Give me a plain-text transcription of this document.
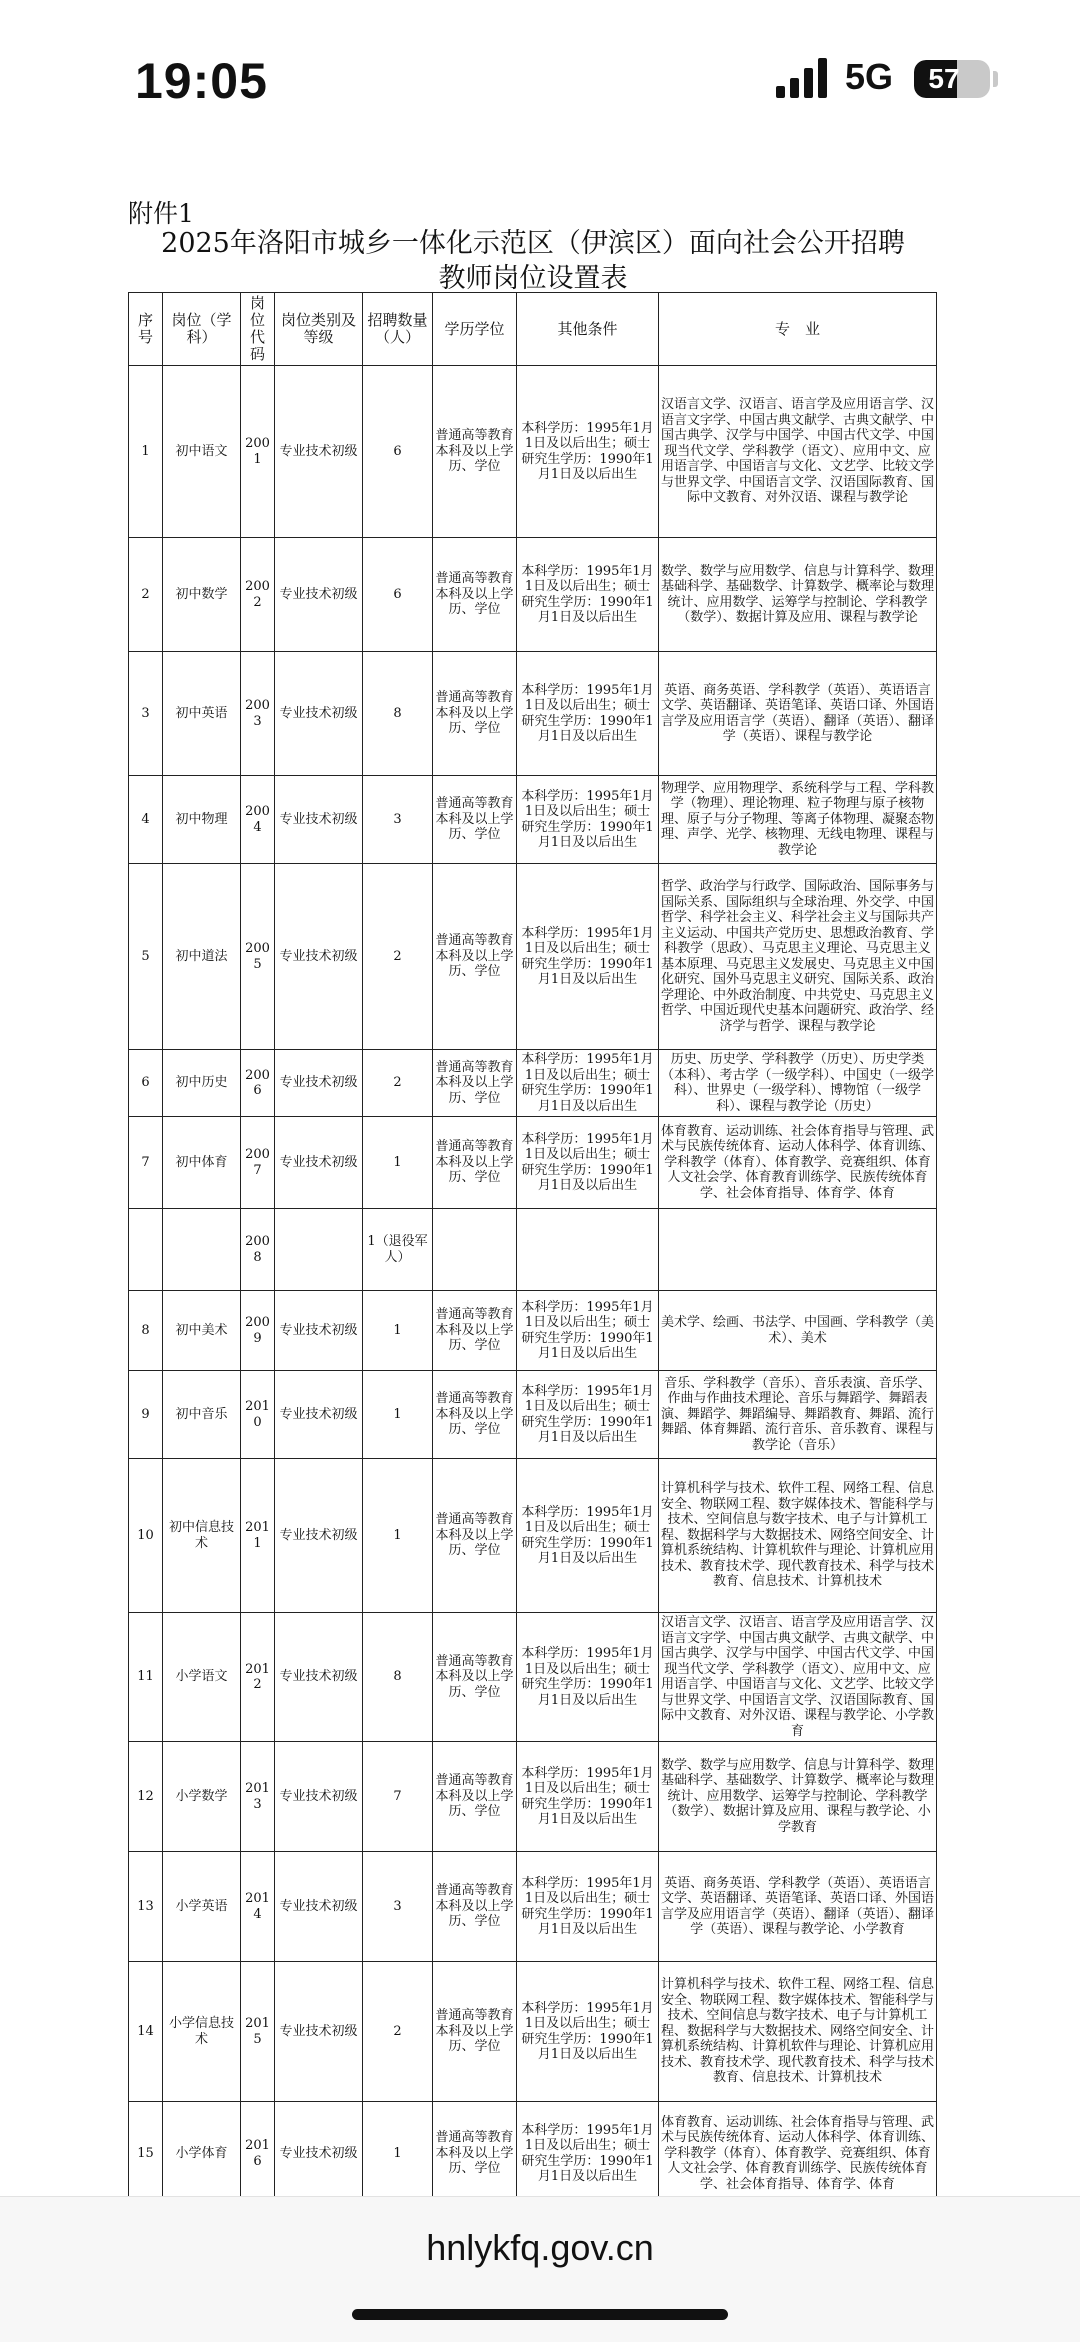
19:05	5G	57
附件1
2025年洛阳市城乡一体化示范区（伊滨区）面向社会公开招聘
教师岗位设置表
序号	岗位（学科）	岗位代码	岗位类别及等级	招聘数量（人）	学历学位	其他条件	专　业
1	初中语文	2001	专业技术初级	6	普通高等教育本科及以上学历、学位	本科学历：1995年1月1日及以后出生；硕士研究生学历：1990年1月1日及以后出生	汉语言文学、汉语言、语言学及应用语言学、汉语言文字学、中国古典文献学、古典文献学、中国古典学、汉学与中国学、中国古代文学、中国现当代文学、学科教学（语文）、应用中文、应用语言学、中国语言与文化、文艺学、比较文学与世界文学、中国语言文学、汉语国际教育、国际中文教育、对外汉语、课程与教学论
2	初中数学	2002	专业技术初级	6	普通高等教育本科及以上学历、学位	本科学历：1995年1月1日及以后出生；硕士研究生学历：1990年1月1日及以后出生	数学、数学与应用数学、信息与计算科学、数理基础科学、基础数学、计算数学、概率论与数理统计、应用数学、运筹学与控制论、学科教学（数学）、数据计算及应用、课程与教学论
3	初中英语	2003	专业技术初级	8	普通高等教育本科及以上学历、学位	本科学历：1995年1月1日及以后出生；硕士研究生学历：1990年1月1日及以后出生	英语、商务英语、学科教学（英语）、英语语言文学、英语翻译、英语笔译、英语口译、外国语言学及应用语言学（英语）、翻译（英语）、翻译学（英语）、课程与教学论
4	初中物理	2004	专业技术初级	3	普通高等教育本科及以上学历、学位	本科学历：1995年1月1日及以后出生；硕士研究生学历：1990年1月1日及以后出生	物理学、应用物理学、系统科学与工程、学科教学（物理）、理论物理、粒子物理与原子核物理、原子与分子物理、等离子体物理、凝聚态物理、声学、光学、核物理、无线电物理、课程与教学论
5	初中道法	2005	专业技术初级	2	普通高等教育本科及以上学历、学位	本科学历：1995年1月1日及以后出生；硕士研究生学历：1990年1月1日及以后出生	哲学、政治学与行政学、国际政治、国际事务与国际关系、国际组织与全球治理、外交学、中国哲学、科学社会主义、科学社会主义与国际共产主义运动、中国共产党历史、思想政治教育、学科教学（思政）、马克思主义理论、马克思主义基本原理、马克思主义发展史、马克思主义中国化研究、国外马克思主义研究、国际关系、政治学理论、中外政治制度、中共党史、马克思主义哲学、中国近现代史基本问题研究、政治学、经济学与哲学、课程与教学论
6	初中历史	2006	专业技术初级	2	普通高等教育本科及以上学历、学位	本科学历：1995年1月1日及以后出生；硕士研究生学历：1990年1月1日及以后出生	历史、历史学、学科教学（历史）、历史学类（本科）、考古学（一级学科）、中国史（一级学科）、世界史（一级学科）、博物馆（一级学科）、课程与教学论（历史）
7	初中体育	2007	专业技术初级	1	普通高等教育本科及以上学历、学位	本科学历：1995年1月1日及以后出生；硕士研究生学历：1990年1月1日及以后出生	体育教育、运动训练、社会体育指导与管理、武术与民族传统体育、运动人体科学、体育训练、学科教学（体育）、体育教学、竞赛组织、体育人文社会学、体育教育训练学、民族传统体育学、社会体育指导、体育学、体育
		2008		1（退役军人）			
8	初中美术	2009	专业技术初级	1	普通高等教育本科及以上学历、学位	本科学历：1995年1月1日及以后出生；硕士研究生学历：1990年1月1日及以后出生	美术学、绘画、书法学、中国画、学科教学（美术）、美术
9	初中音乐	2010	专业技术初级	1	普通高等教育本科及以上学历、学位	本科学历：1995年1月1日及以后出生；硕士研究生学历：1990年1月1日及以后出生	音乐、学科教学（音乐）、音乐表演、音乐学、作曲与作曲技术理论、音乐与舞蹈学、舞蹈表演、舞蹈学、舞蹈编导、舞蹈教育、舞蹈、流行舞蹈、体育舞蹈、流行音乐、音乐教育、课程与教学论（音乐）
10	初中信息技术	2011	专业技术初级	1	普通高等教育本科及以上学历、学位	本科学历：1995年1月1日及以后出生；硕士研究生学历：1990年1月1日及以后出生	计算机科学与技术、软件工程、网络工程、信息安全、物联网工程、数字媒体技术、智能科学与技术、空间信息与数字技术、电子与计算机工程、数据科学与大数据技术、网络空间安全、计算机系统结构、计算机软件与理论、计算机应用技术、教育技术学、现代教育技术、科学与技术教育、信息技术、计算机技术
11	小学语文	2012	专业技术初级	8	普通高等教育本科及以上学历、学位	本科学历：1995年1月1日及以后出生；硕士研究生学历：1990年1月1日及以后出生	汉语言文学、汉语言、语言学及应用语言学、汉语言文字学、中国古典文献学、古典文献学、中国古典学、汉学与中国学、中国古代文学、中国现当代文学、学科教学（语文）、应用中文、应用语言学、中国语言与文化、文艺学、比较文学与世界文学、中国语言文学、汉语国际教育、国际中文教育、对外汉语、课程与教学论、小学教育
12	小学数学	2013	专业技术初级	7	普通高等教育本科及以上学历、学位	本科学历：1995年1月1日及以后出生；硕士研究生学历：1990年1月1日及以后出生	数学、数学与应用数学、信息与计算科学、数理基础科学、基础数学、计算数学、概率论与数理统计、应用数学、运筹学与控制论、学科教学（数学）、数据计算及应用、课程与教学论、小学教育
13	小学英语	2014	专业技术初级	3	普通高等教育本科及以上学历、学位	本科学历：1995年1月1日及以后出生；硕士研究生学历：1990年1月1日及以后出生	英语、商务英语、学科教学（英语）、英语语言文学、英语翻译、英语笔译、英语口译、外国语言学及应用语言学（英语）、翻译（英语）、翻译学（英语）、课程与教学论、小学教育
14	小学信息技术	2015	专业技术初级	2	普通高等教育本科及以上学历、学位	本科学历：1995年1月1日及以后出生；硕士研究生学历：1990年1月1日及以后出生	计算机科学与技术、软件工程、网络工程、信息安全、物联网工程、数字媒体技术、智能科学与技术、空间信息与数字技术、电子与计算机工程、数据科学与大数据技术、网络空间安全、计算机系统结构、计算机软件与理论、计算机应用技术、教育技术学、现代教育技术、科学与技术教育、信息技术、计算机技术
15	小学体育	2016	专业技术初级	1	普通高等教育本科及以上学历、学位	本科学历：1995年1月1日及以后出生；硕士研究生学历：1990年1月1日及以后出生	体育教育、运动训练、社会体育指导与管理、武术与民族传统体育、运动人体科学、体育训练、学科教学（体育）、体育教学、竞赛组织、体育人文社会学、体育教育训练学、民族传统体育学、社会体育指导、体育学、体育
hnlykfq.gov.cn
